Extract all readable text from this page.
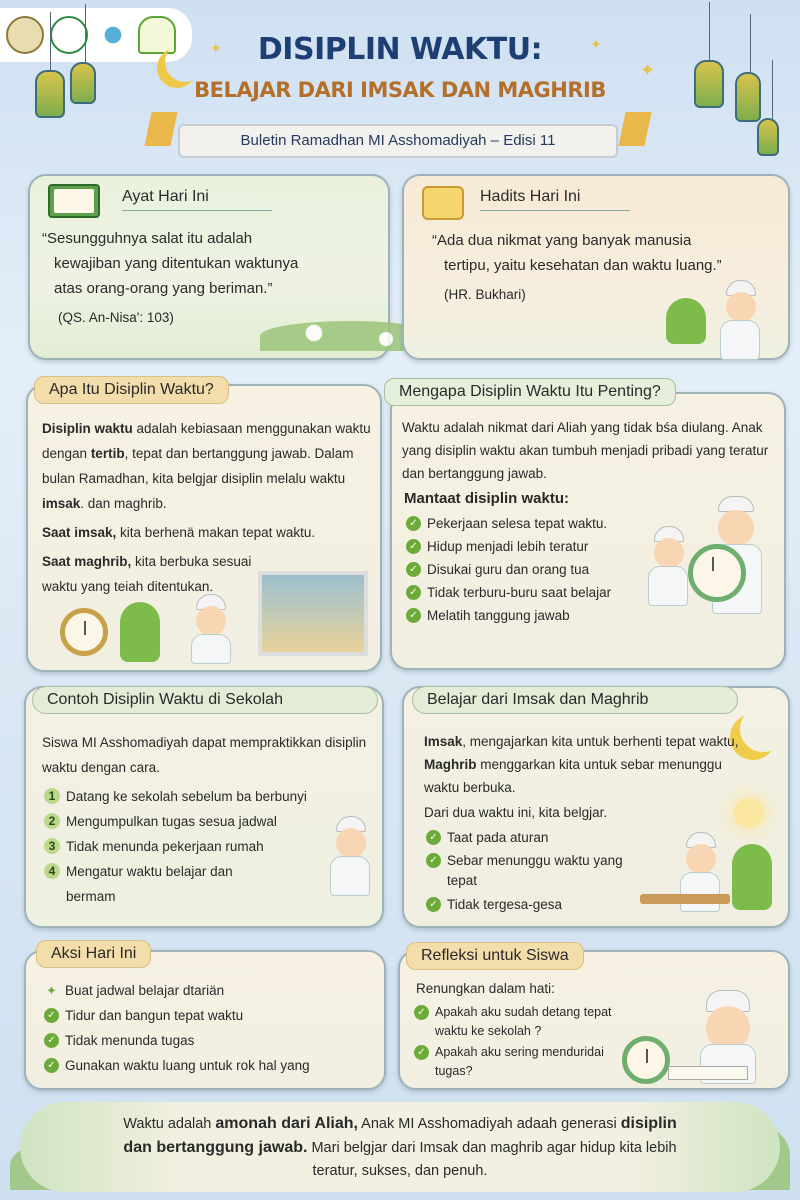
✦
✦
✦
DISIPLIN WAKTU:
BELAJAR DARI IMSAK DAN MAGHRIB
Buletin Ramadhan MI Asshomadiyah – Edisi 11
Ayat Hari Ini
“Sesungguhnya salat itu adalah
kewajiban yang ditentukan waktunya
atas orang-orang yang beriman.”
(QS. An-Nisa': 103)
Hadits Hari Ini
“Ada dua nikmat yang banyak manusia
tertipu, yaitu kesehatan dan waktu luang.”
(HR. Bukhari)
Disiplin waktu adalah kebiasaan menggunakan waktu dengan tertib, tepat dan bertanggung jawab. Dalam bulan Ramadhan, kita belgjar disiplin melalu waktu imsak. dan maghrib.
Saat imsak, kita berhenä makan tepat waktu.
Saat maghrib, kita berbuka sesuai waktu yang teiah ditentukan.
Apa Itu Disiplin Waktu?
Waktu adalah nikmat dari Aliah yang tidak bśa diulang. Anak yang disiplin waktu akan tumbuh menjadi pribadi yang teratur dan bertanggung jawab.
Mantaat disiplin waktu:
✓ Pekerjaan selesa tepat waktu.
✓ Hidup menjadi lebih teratur
✓ Disukai guru dan orang tua
✓ Tidak terburu-buru saat belajar
✓ Melatih tanggung jawab
Mengapa Disiplin Waktu Itu Penting?
Siswa MI Asshomadiyah dapat mempraktikkan disiplin waktu dengan cara.
1 Datang ke sekolah sebelum ba berbunyi
2 Mengumpulkan tugas sesua jadwal
3 Tidak menunda pekerjaan rumah
4 Mengatur waktu belajar dan bermam
Contoh Disiplin Waktu di Sekolah
Imsak, mengajarkan kita untuk berhenti tepat waktu, Maghrib menggarkan kita untuk sebar menunggu waktu berbuka.
Dari dua waktu ini, kita belgjar.
✓ Taat pada aturan
✓ Sebar menunggu waktu yang tepat
✓ Tidak tergesa-gesa
Belajar dari Imsak dan Maghrib
✦ Buat jadwal belajar dtariän
✓ Tidur dan bangun tepat waktu
✓ Tidak menunda tugas
✓ Gunakan waktu luang untuk rok hal yang
Aksi Hari Ini
Renungkan dalam hati:
✓ Apakah aku sudah detang tepat waktu ke sekolah ?
✓ Apakah aku sering menduridai tugas?
Refleksi untuk Siswa
Waktu adalah amonah dari Aliah, Anak MI Asshomadiyah adaah generasi disiplin dan bertanggung jawab. Mari belgjar dari Imsak dan maghrib agar hidup kita lebih teratur, sukses, dan penuh.
